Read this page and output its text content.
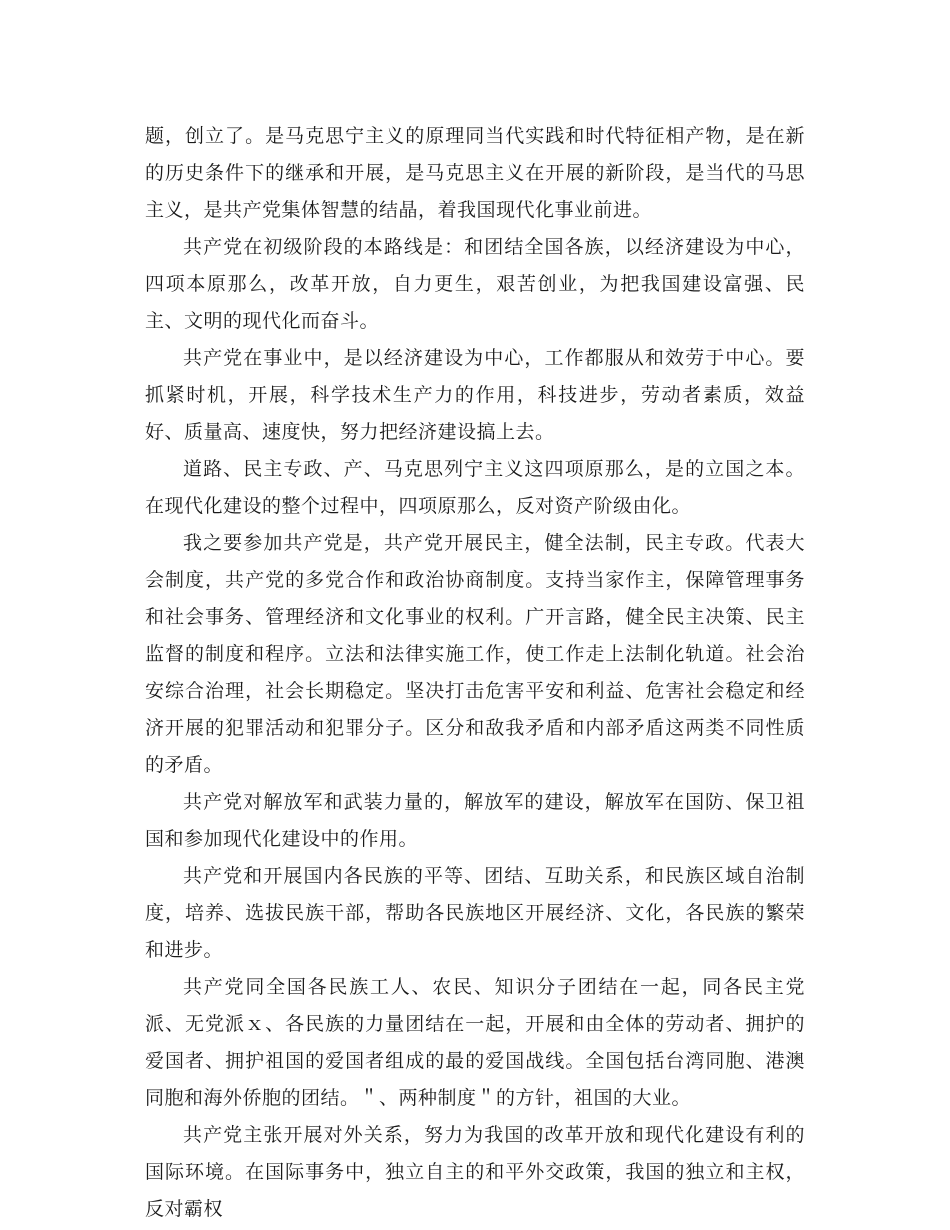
题，创立了。是马克思宁主义的原理同当代实践和时代特征相产物，是在新的历史条件下的继承和开展，是马克思主义在开展的新阶段，是当代的马思主义，是共产党集体智慧的结晶，着我国现代化事业前进。

共产党在初级阶段的本路线是：和团结全国各族，以经济建设为中心，四项本原那么，改革开放，自力更生，艰苦创业，为把我国建设富强、民主、文明的现代化而奋斗。

共产党在事业中，是以经济建设为中心，工作都服从和效劳于中心。要抓紧时机，开展，科学技术生产力的作用，科技进步，劳动者素质，效益好、质量高、速度快，努力把经济建设搞上去。

道路、民主专政、产、马克思列宁主义这四项原那么，是的立国之本。在现代化建设的整个过程中，四项原那么，反对资产阶级由化。

我之要参加共产党是，共产党开展民主，健全法制，民主专政。代表大会制度，共产党的多党合作和政治协商制度。支持当家作主，保障管理事务和社会事务、管理经济和文化事业的权利。广开言路，健全民主决策、民主监督的制度和程序。立法和法律实施工作，使工作走上法制化轨道。社会治安综合治理，社会长期稳定。坚决打击危害平安和利益、危害社会稳定和经济开展的犯罪活动和犯罪分子。区分和敌我矛盾和内部矛盾这两类不同性质的矛盾。

共产党对解放军和武装力量的，解放军的建设，解放军在国防、保卫祖国和参加现代化建设中的作用。

共产党和开展国内各民族的平等、团结、互助关系，和民族区域自治制度，培养、选拔民族干部，帮助各民族地区开展经济、文化，各民族的繁荣和进步。

共产党同全国各民族工人、农民、知识分子团结在一起，同各民主党派、无党派ｘ、各民族的力量团结在一起，开展和由全体的劳动者、拥护的爱国者、拥护祖国的爱国者组成的最的爱国战线。全国包括台湾同胞、港澳同胞和海外侨胞的团结。＂、两种制度＂的方针，祖国的大业。

共产党主张开展对外关系，努力为我国的改革开放和现代化建设有利的国际环境。在国际事务中，独立自主的和平外交政策，我国的独立和主权，反对霸权
